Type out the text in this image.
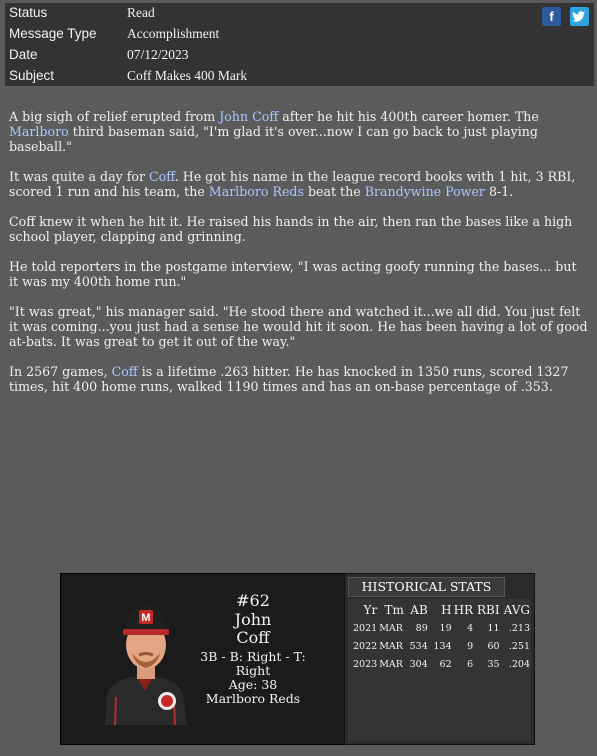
Status	Read
Message Type Accomplishment
Date	07/12/2023
Subject	Coff Makes 400 Mark
f

A big sigh of relief erupted from John Coff after he hit his 400th career homer. The Marlboro third baseman said, "I'm glad it's over...now I can go back to just playing baseball."

It was quite a day for Coff. He got his name in the league record books with 1 hit, 3 RBI, scored 1 run and his team, the Marlboro Reds beat the Brandywine Power 8-1.

Coff knew it when he hit it. He raised his hands in the air, then ran the bases like a high school player, clapping and grinning.

He told reporters in the postgame interview, "I was acting goofy running the bases... but it was my 400th home run."

"It was great," his manager said. "He stood there and watched it...we all did. You just felt it was coming...you just had a sense he would hit it soon. He has been having a lot of good at-bats. It was great to get it out of the way."

In 2567 games, Coff is a lifetime .263 hitter. He has knocked in 1350 runs, scored 1327 times, hit 400 home runs, walked 1190 times and has an on-base percentage of .353.

M
#62
John
Coff
3B - B: Right - T: Right
Age: 38
Marlboro Reds
HISTORICAL STATS
Yr	Tm	AB	H	HR	RBI	AVG
2021	MAR	89	19	4	11	.213
2022	MAR	534	134	9	60	.251
2023	MAR	304	62	6	35	.204
